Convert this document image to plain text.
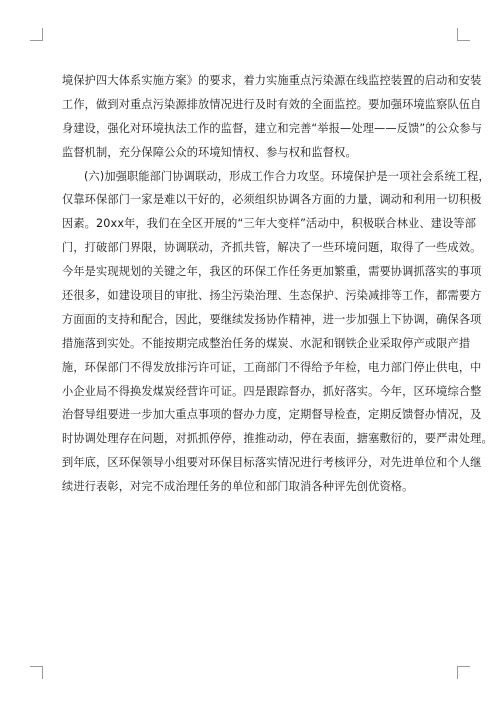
境保护四大体系实施方案》的要求，着力实施重点污染源在线监控装置的启动和安装
工作，做到对重点污染源排放情况进行及时有效的全面监控。要加强环境监察队伍自
身建设，强化对环境执法工作的监督，建立和完善“举报—处理——反馈”的公众参与
监督机制，充分保障公众的环境知情权、参与权和监督权。
(六)加强职能部门协调联动，形成工作合力攻坚。环境保护是一项社会系统工程，
仅靠环保部门一家是难以干好的，必须组织协调各方面的力量，调动和利用一切积极
因素。20xx年，我们在全区开展的“三年大变样”活动中，积极联合林业、建设等部
门，打破部门界限，协调联动，齐抓共管，解决了一些环境问题，取得了一些成效。
今年是实现规划的关键之年，我区的环保工作任务更加繁重，需要协调抓落实的事项
还很多，如建设项目的审批、扬尘污染治理、生态保护、污染减排等工作，都需要方
方面面的支持和配合，因此，要继续发扬协作精神，进一步加强上下协调，确保各项
措施落到实处。不能按期完成整治任务的煤炭、水泥和钢铁企业采取停产或限产措
施，环保部门不得发放排污许可证，工商部门不得给予年检，电力部门停止供电，中
小企业局不得换发煤炭经营许可证。四是跟踪督办，抓好落实。今年，区环境综合整
治督导组要进一步加大重点事项的督办力度，定期督导检查，定期反馈督办情况，及
时协调处理存在问题，对抓抓停停，推推动动，停在表面，搪塞敷衍的，要严肃处理。
到年底，区环保领导小组要对环保目标落实情况进行考核评分，对先进单位和个人继
续进行表彰，对完不成治理任务的单位和部门取消各种评先创优资格。
